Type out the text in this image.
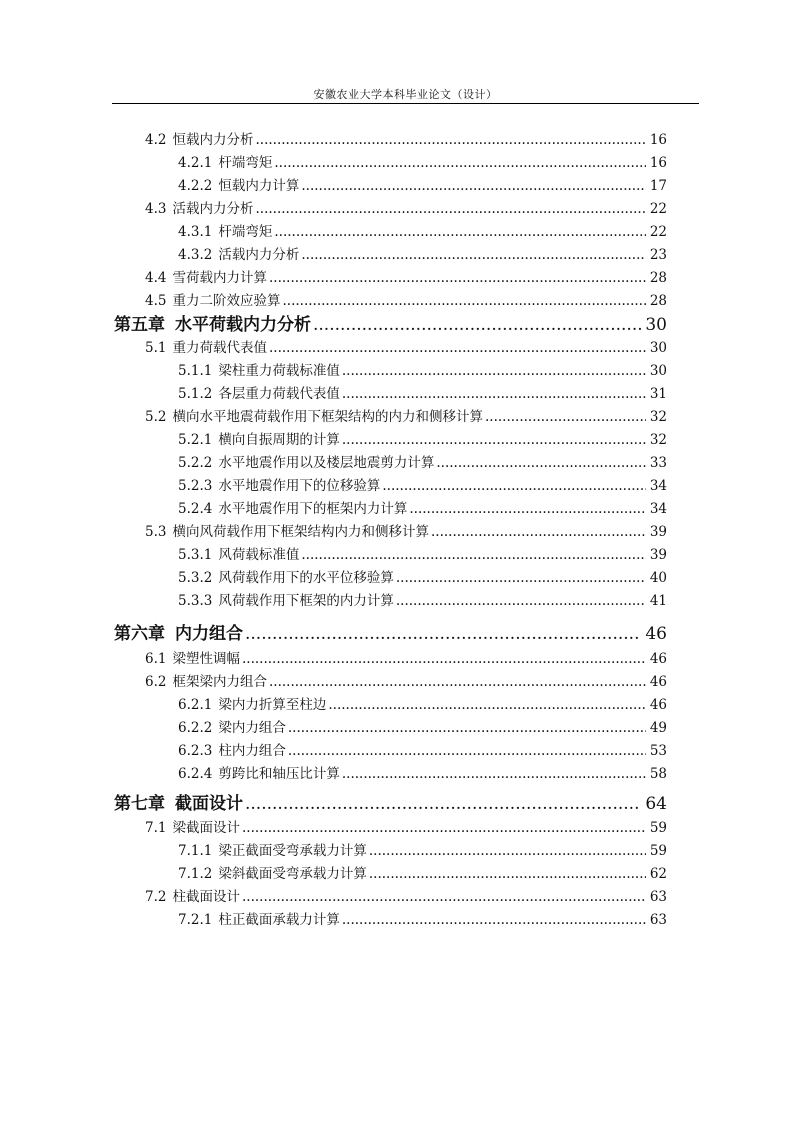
安徽农业大学本科毕业论文（设计）
4.2 恒载内力分析 .....	16
4.2.1 杆端弯矩 .....	16
4.2.2 恒载内力计算 .....	17
4.3 活载内力分析 .....	22
4.3.1 杆端弯矩 .....	22
4.3.2 活载内力分析 .....	23
4.4 雪荷载内力计算 .....	28
4.5 重力二阶效应验算 .....	28
第五章 水平荷载内力分析 .....	30
5.1 重力荷载代表值 .....	30
5.1.1 梁柱重力荷载标准值 .....	30
5.1.2 各层重力荷载代表值 .....	31
5.2 横向水平地震荷载作用下框架结构的内力和侧移计算 .....	32
5.2.1 横向自振周期的计算 .....	32
5.2.2 水平地震作用以及楼层地震剪力计算 .....	33
5.2.3 水平地震作用下的位移验算 .....	34
5.2.4 水平地震作用下的框架内力计算 .....	34
5.3 横向风荷载作用下框架结构内力和侧移计算 .....	39
5.3.1 风荷载标准值 .....	39
5.3.2 风荷载作用下的水平位移验算 .....	40
5.3.3 风荷载作用下框架的内力计算 .....	41
第六章 内力组合 .....	46
6.1 梁塑性调幅 .....	46
6.2 框架梁内力组合 .....	46
6.2.1 梁内力折算至柱边 .....	46
6.2.2 梁内力组合 .....	49
6.2.3 柱内力组合 .....	53
6.2.4 剪跨比和轴压比计算 .....	58
第七章 截面设计 .....	64
7.1 梁截面设计 .....	59
7.1.1 梁正截面受弯承载力计算 .....	59
7.1.2 梁斜截面受弯承载力计算 .....	62
7.2 柱截面设计 .....	63
7.2.1 柱正截面承载力计算 .....	63
